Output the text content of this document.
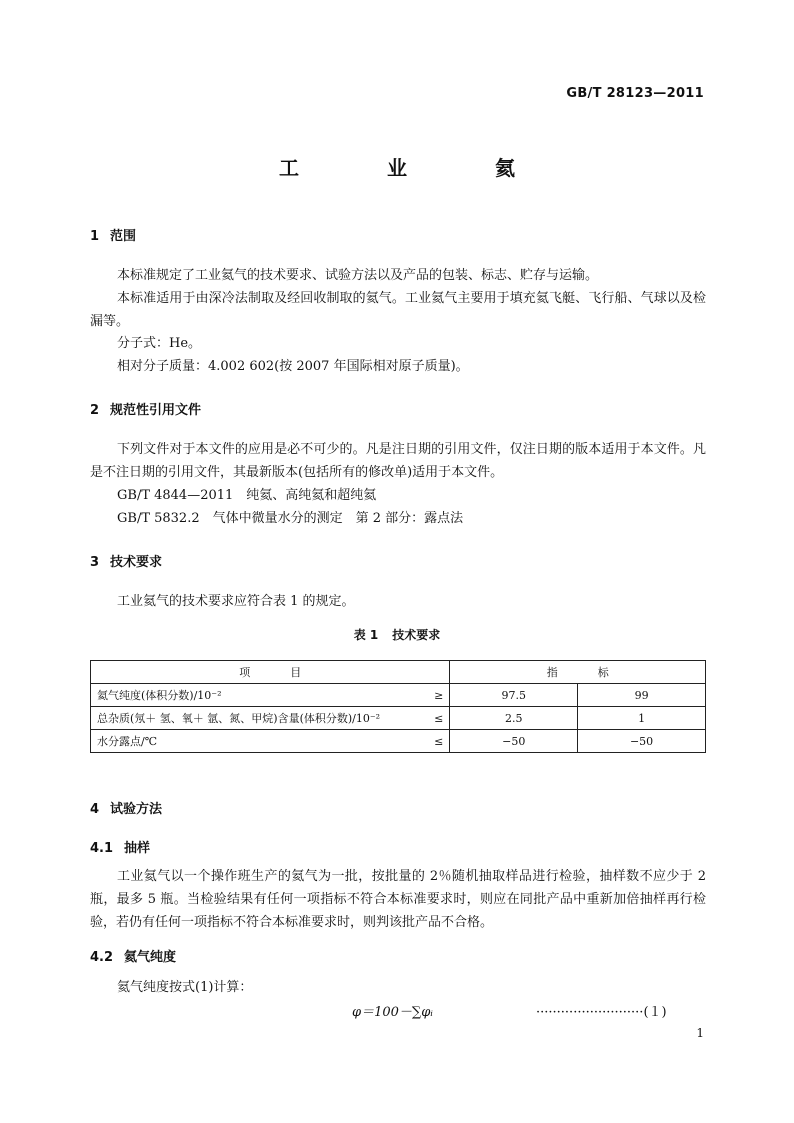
GB/T 28123—2011
工　业　氦
1 范围
本标准规定了工业氦气的技术要求、试验方法以及产品的包装、标志、贮存与运输。
本标准适用于由深冷法制取及经回收制取的氦气。工业氦气主要用于填充氦飞艇、飞行船、气球以及检漏等。
分子式：He。
相对分子质量：4.002 602(按 2007 年国际相对原子质量)。
2 规范性引用文件
下列文件对于本文件的应用是必不可少的。凡是注日期的引用文件，仅注日期的版本适用于本文件。凡是不注日期的引用文件，其最新版本(包括所有的修改单)适用于本文件。
GB/T 4844—2011　纯氦、高纯氦和超纯氦
GB/T 5832.2　气体中微量水分的测定　第 2 部分：露点法
3 技术要求
工业氦气的技术要求应符合表 1 的规定。
表 1 技术要求
项 目		指 标	
氦气纯度(体积分数)/10⁻²	≥	97.5	99
总杂质(氖＋ 氢、氧＋ 氩、氮、甲烷)含量(体积分数)/10⁻²	≤	2.5	1
水分露点/℃	≤	−50	−50
4 试验方法
4.1 抽样
工业氦气以一个操作班生产的氦气为一批，按批量的 2％随机抽取样品进行检验，抽样数不应少于 2 瓶，最多 5 瓶。当检验结果有任何一项指标不符合本标准要求时，则应在同批产品中重新加倍抽样再行检验，若仍有任何一项指标不符合本标准要求时，则判该批产品不合格。
4.2 氦气纯度
氦气纯度按式(1)计算：
φ＝100－∑φᵢ	··························(１)
1
